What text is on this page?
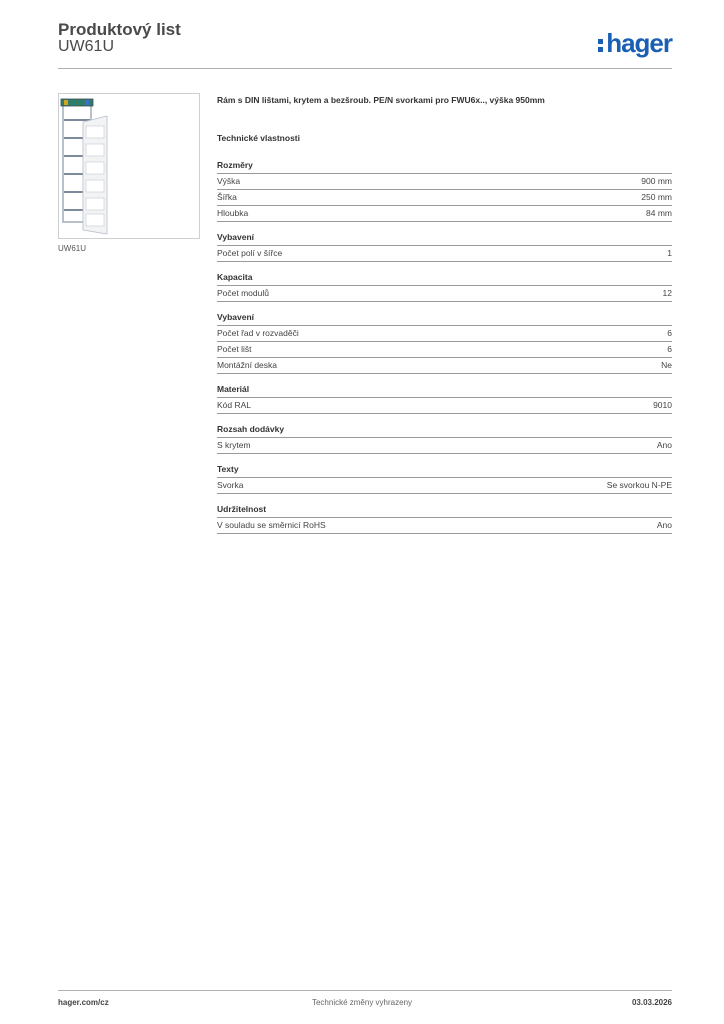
Produktový list
UW61U	hager
UW61U
Rám s DIN lištami, krytem a bezšroub. PE/N svorkami pro FWU6x.., výška 950mm
Technické vlastnosti
Rozměry
Výška	900 mm
Šířka	250 mm
Hloubka	84 mm
Vybavení
Počet polí v šířce	1
Kapacita
Počet modulů	12
Vybavení
Počet řad v rozvaděči	6
Počet lišt	6
Montážní deska	Ne
Materiál
Kód RAL	9010
Rozsah dodávky
S krytem	Ano
Texty
Svorka	Se svorkou N-PE
Udržitelnost
V souladu se směrnicí RoHS	Ano
hager.com/cz	Technické změny vyhrazeny	03.03.2026
